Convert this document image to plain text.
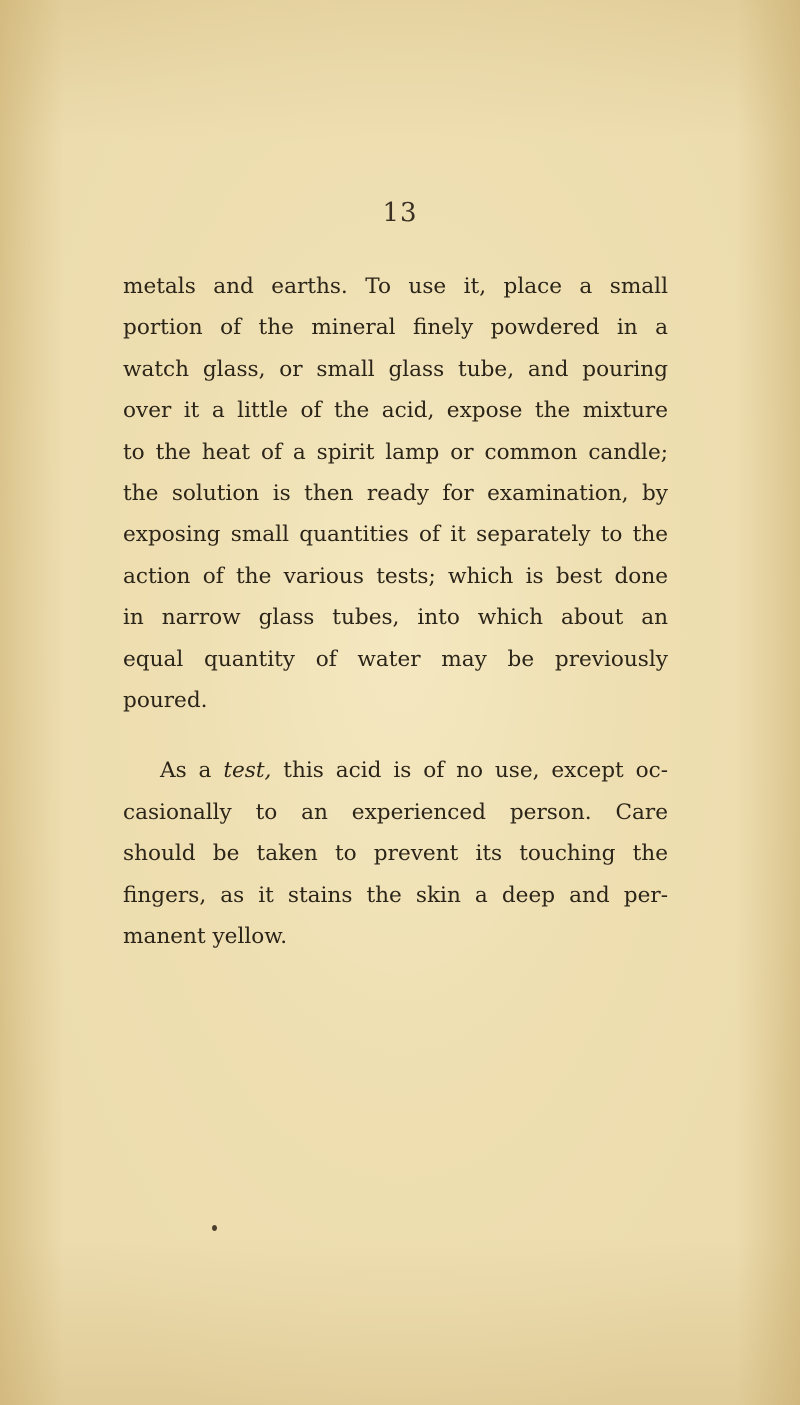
13

metals and earths. To use it, place a small
portion of the mineral finely powdered in a
watch glass, or small glass tube, and pouring
over it a little of the acid, expose the mixture
to the heat of a spirit lamp or common candle;
the solution is then ready for examination, by
exposing small quantities of it separately to the
action of the various tests; which is best done
in narrow glass tubes, into which about an
equal quantity of water may be previously
poured.

As a test, this acid is of no use, except oc-
casionally to an experienced person. Care
should be taken to prevent its touching the
fingers, as it stains the skin a deep and per-
manent yellow.
